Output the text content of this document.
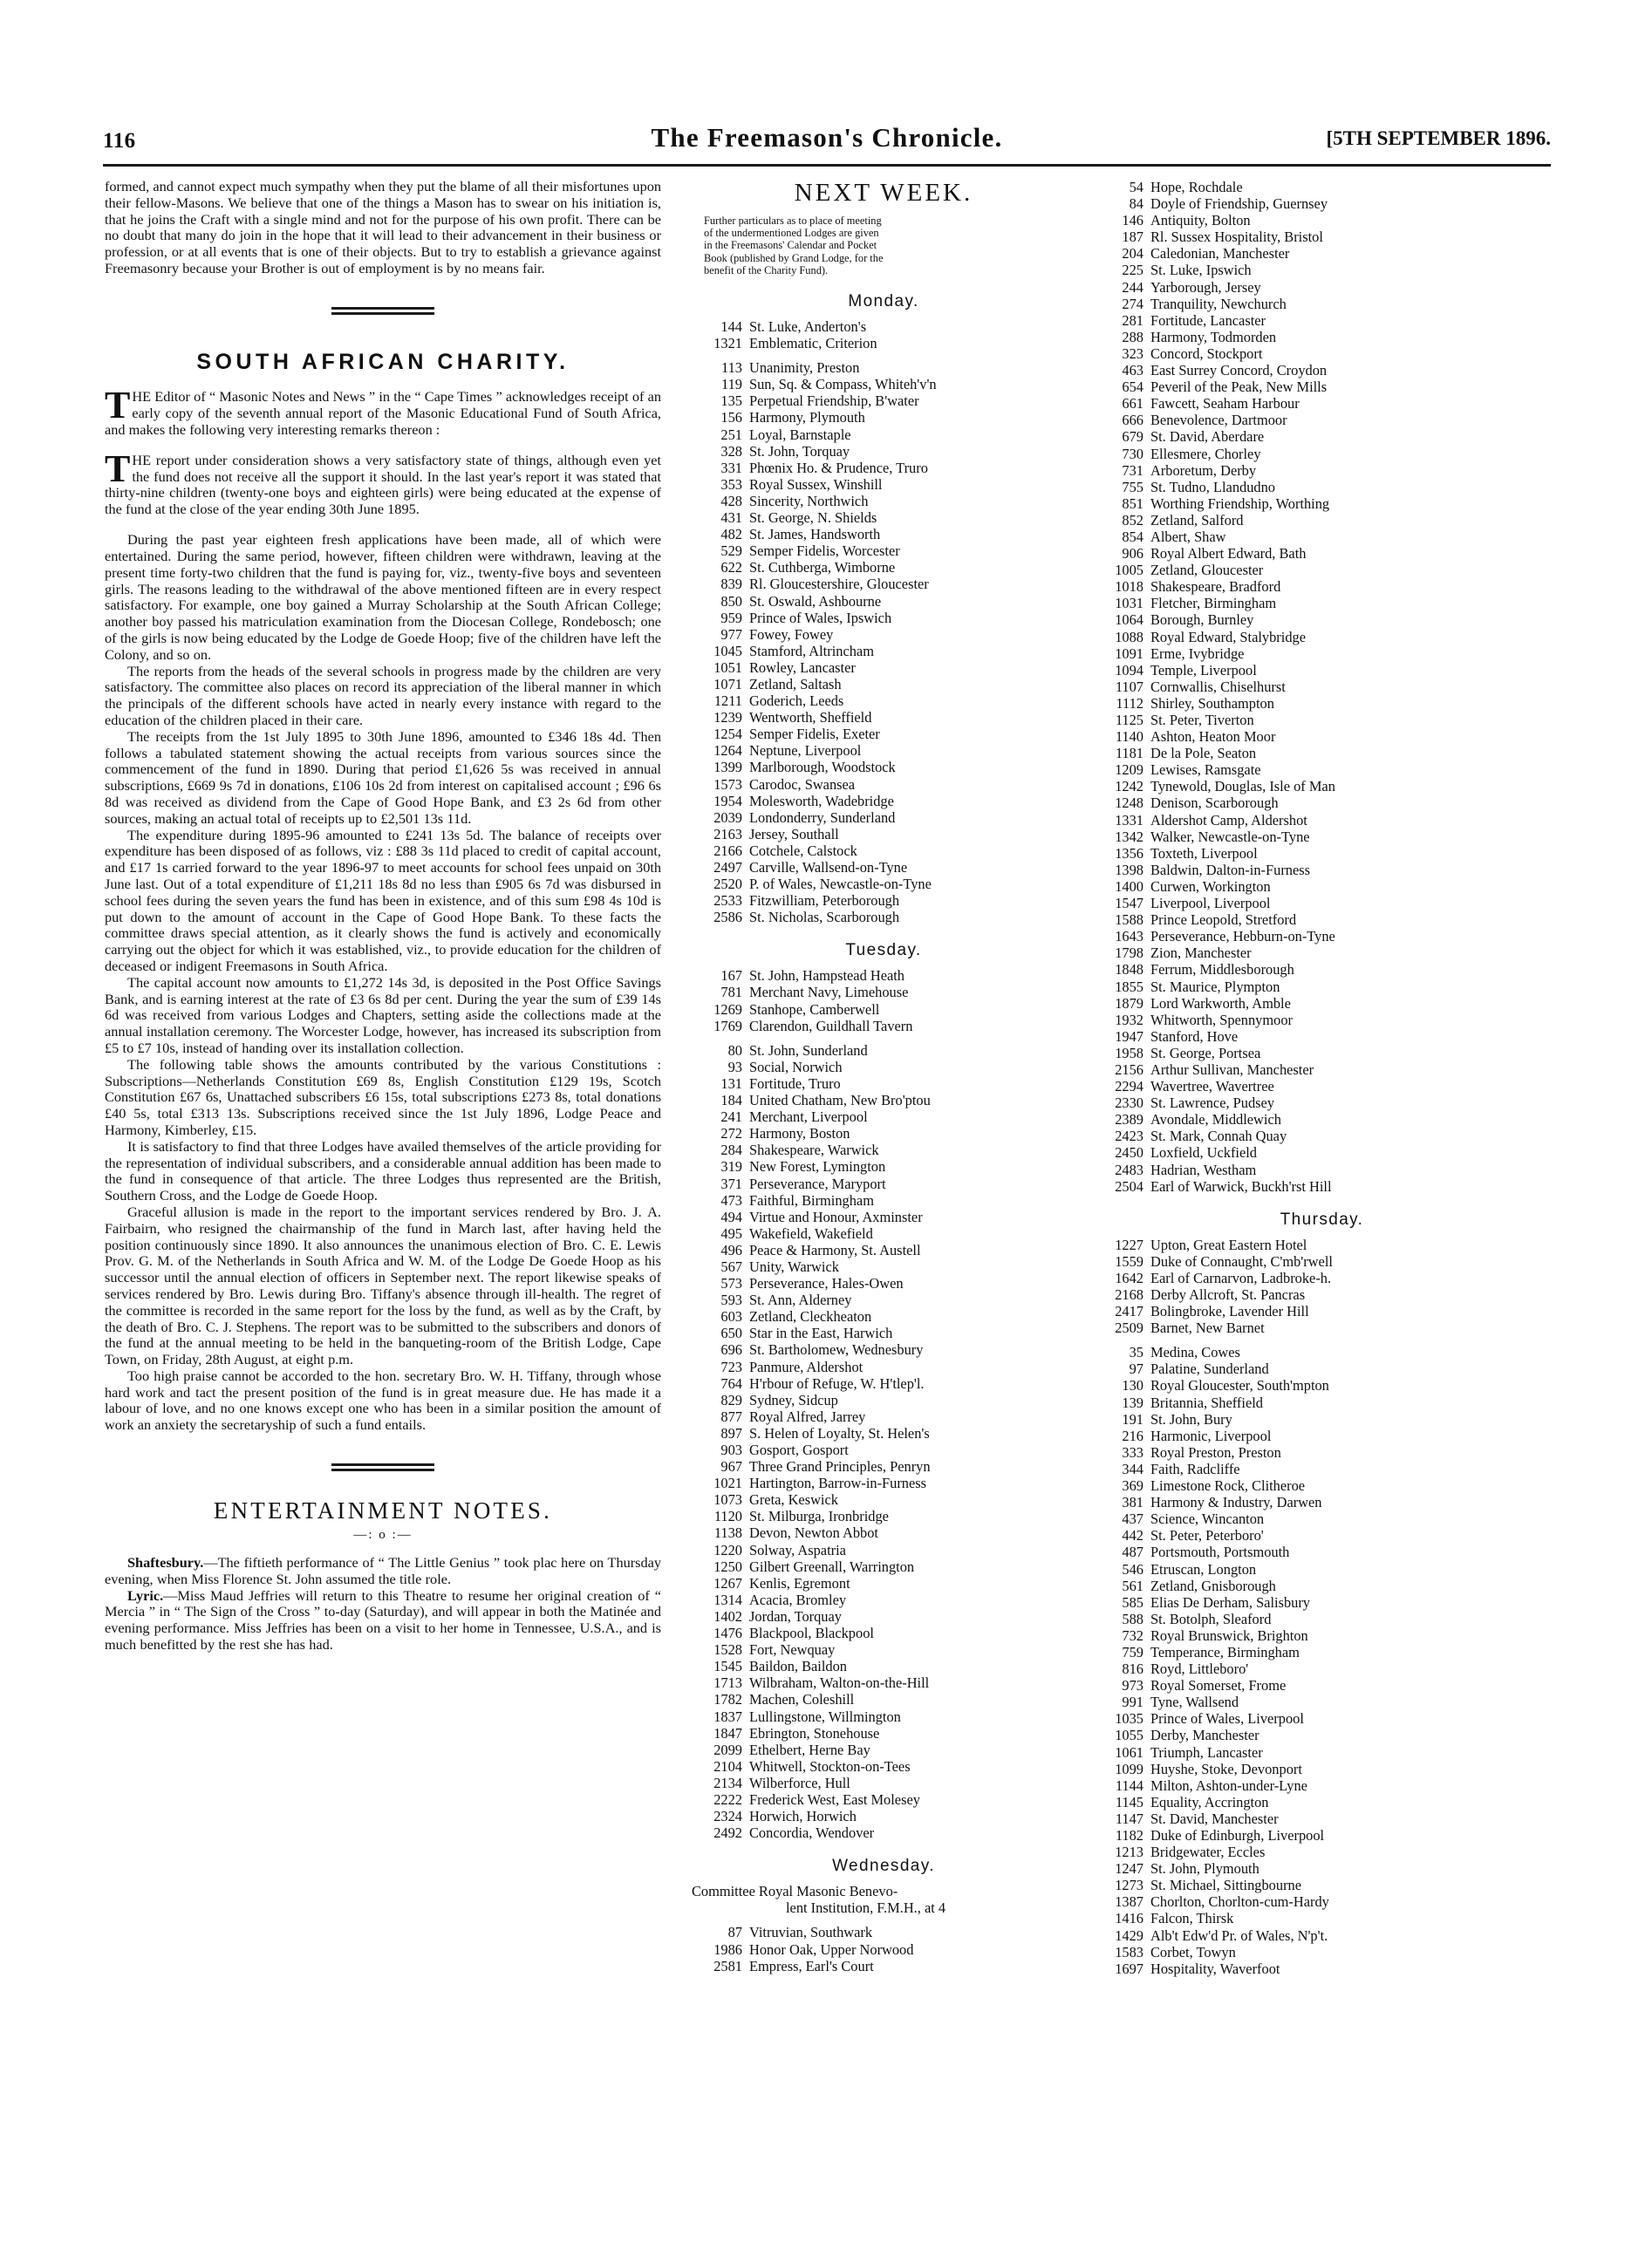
116	The Freemason's Chronicle.	[5TH SEPTEMBER 1896.

formed, and cannot expect much sympathy when they put the blame of all their misfortunes upon their fellow-Masons. We believe that one of the things a Mason has to swear on his initiation is, that he joins the Craft with a single mind and not for the purpose of his own profit. There can be no doubt that many do join in the hope that it will lead to their advancement in their business or profession, or at all events that is one of their objects. But to try to establish a grievance against Freemasonry because your Brother is out of employment is by no means fair.

SOUTH AFRICAN CHARITY.

THE Editor of “ Masonic Notes and News ” in the “ Cape Times ” acknowledges receipt of an early copy of the seventh annual report of the Masonic Educational Fund of South Africa, and makes the following very interesting remarks thereon :

THE report under consideration shows a very satisfactory state of things, although even yet the fund does not receive all the support it should. In the last year's report it was stated that thirty-nine children (twenty-one boys and eighteen girls) were being educated at the expense of the fund at the close of the year ending 30th June 1895.

During the past year eighteen fresh applications have been made, all of which were entertained. During the same period, however, fifteen children were withdrawn, leaving at the present time forty-two children that the fund is paying for, viz., twenty-five boys and seventeen girls. The reasons leading to the withdrawal of the above mentioned fifteen are in every respect satisfactory. For example, one boy gained a Murray Scholarship at the South African College; another boy passed his matriculation examination from the Diocesan College, Rondebosch; one of the girls is now being educated by the Lodge de Goede Hoop; five of the children have left the Colony, and so on.

The reports from the heads of the several schools in progress made by the children are very satisfactory. The committee also places on record its appreciation of the liberal manner in which the principals of the different schools have acted in nearly every instance with regard to the education of the children placed in their care.

The receipts from the 1st July 1895 to 30th June 1896, amounted to £346 18s 4d. Then follows a tabulated statement showing the actual receipts from various sources since the commencement of the fund in 1890. During that period £1,626 5s was received in annual subscriptions, £669 9s 7d in donations, £106 10s 2d from interest on capitalised account ; £96 6s 8d was received as dividend from the Cape of Good Hope Bank, and £3 2s 6d from other sources, making an actual total of receipts up to £2,501 13s 11d.

The expenditure during 1895-96 amounted to £241 13s 5d. The balance of receipts over expenditure has been disposed of as follows, viz : £88 3s 11d placed to credit of capital account, and £17 1s carried forward to the year 1896-97 to meet accounts for school fees unpaid on 30th June last. Out of a total expenditure of £1,211 18s 8d no less than £905 6s 7d was disbursed in school fees during the seven years the fund has been in existence, and of this sum £98 4s 10d is put down to the amount of account in the Cape of Good Hope Bank. To these facts the committee draws special attention, as it clearly shows the fund is actively and economically carrying out the object for which it was established, viz., to provide education for the children of deceased or indigent Freemasons in South Africa.

The capital account now amounts to £1,272 14s 3d, is deposited in the Post Office Savings Bank, and is earning interest at the rate of £3 6s 8d per cent. During the year the sum of £39 14s 6d was received from various Lodges and Chapters, setting aside the collections made at the annual installation ceremony. The Worcester Lodge, however, has increased its subscription from £5 to £7 10s, instead of handing over its installation collection.

The following table shows the amounts contributed by the various Constitutions : Subscriptions—Netherlands Constitution £69 8s, English Constitution £129 19s, Scotch Constitution £67 6s, Unattached subscribers £6 15s, total subscriptions £273 8s, total donations £40 5s, total £313 13s. Subscriptions received since the 1st July 1896, Lodge Peace and Harmony, Kimberley, £15.

It is satisfactory to find that three Lodges have availed themselves of the article providing for the representation of individual subscribers, and a considerable annual addition has been made to the fund in consequence of that article. The three Lodges thus represented are the British, Southern Cross, and the Lodge de Goede Hoop.

Graceful allusion is made in the report to the important services rendered by Bro. J. A. Fairbairn, who resigned the chairmanship of the fund in March last, after having held the position continuously since 1890. It also announces the unanimous election of Bro. C. E. Lewis Prov. G. M. of the Netherlands in South Africa and W. M. of the Lodge De Goede Hoop as his successor until the annual election of officers in September next. The report likewise speaks of services rendered by Bro. Lewis during Bro. Tiffany's absence through ill-health. The regret of the committee is recorded in the same report for the loss by the fund, as well as by the Craft, by the death of Bro. C. J. Stephens. The report was to be submitted to the subscribers and donors of the fund at the annual meeting to be held in the banqueting-room of the British Lodge, Cape Town, on Friday, 28th August, at eight p.m.

Too high praise cannot be accorded to the hon. secretary Bro. W. H. Tiffany, through whose hard work and tact the present position of the fund is in great measure due. He has made it a labour of love, and no one knows except one who has been in a similar position the amount of work an anxiety the secretaryship of such a fund entails.

ENTERTAINMENT NOTES.
—: o :—

Shaftesbury.—The fiftieth performance of “ The Little Genius ” took plac here on Thursday evening, when Miss Florence St. John assumed the title role.

Lyric.—Miss Maud Jeffries will return to this Theatre to resume her original creation of “ Mercia ” in “ The Sign of the Cross ” to-day (Saturday), and will appear in both the Matinée and evening performance. Miss Jeffries has been on a visit to her home in Tennessee, U.S.A., and is much benefitted by the rest she has had.

NEXT WEEK.
Further particulars as to place of meeting
of the undermentioned Lodges are given
in the Freemasons' Calendar and Pocket
Book (published by Grand Lodge, for the
benefit of the Charity Fund).
Monday.
144 St. Luke, Anderton's
1321 Emblematic, Criterion
113 Unanimity, Preston
119 Sun, Sq. & Compass, Whiteh'v'n
135 Perpetual Friendship, B'water
156 Harmony, Plymouth
251 Loyal, Barnstaple
328 St. John, Torquay
331 Phœnix Ho. & Prudence, Truro
353 Royal Sussex, Winshill
428 Sincerity, Northwich
431 St. George, N. Shields
482 St. James, Handsworth
529 Semper Fidelis, Worcester
622 St. Cuthberga, Wimborne
839 Rl. Gloucestershire, Gloucester
850 St. Oswald, Ashbourne
959 Prince of Wales, Ipswich
977 Fowey, Fowey
1045 Stamford, Altrincham
1051 Rowley, Lancaster
1071 Zetland, Saltash
1211 Goderich, Leeds
1239 Wentworth, Sheffield
1254 Semper Fidelis, Exeter
1264 Neptune, Liverpool
1399 Marlborough, Woodstock
1573 Carodoc, Swansea
1954 Molesworth, Wadebridge
2039 Londonderry, Sunderland
2163 Jersey, Southall
2166 Cotchele, Calstock
2497 Carville, Wallsend-on-Tyne
2520 P. of Wales, Newcastle-on-Tyne
2533 Fitzwilliam, Peterborough
2586 St. Nicholas, Scarborough
Tuesday.
167 St. John, Hampstead Heath
781 Merchant Navy, Limehouse
1269 Stanhope, Camberwell
1769 Clarendon, Guildhall Tavern
80 St. John, Sunderland
93 Social, Norwich
131 Fortitude, Truro
184 United Chatham, New Bro'ptou
241 Merchant, Liverpool
272 Harmony, Boston
284 Shakespeare, Warwick
319 New Forest, Lymington
371 Perseverance, Maryport
473 Faithful, Birmingham
494 Virtue and Honour, Axminster
495 Wakefield, Wakefield
496 Peace & Harmony, St. Austell
567 Unity, Warwick
573 Perseverance, Hales-Owen
593 St. Ann, Alderney
603 Zetland, Cleckheaton
650 Star in the East, Harwich
696 St. Bartholomew, Wednesbury
723 Panmure, Aldershot
764 H'rbour of Refuge, W. H'tlep'l.
829 Sydney, Sidcup
877 Royal Alfred, Jarrey
897 S. Helen of Loyalty, St. Helen's
903 Gosport, Gosport
967 Three Grand Principles, Penryn
1021 Hartington, Barrow-in-Furness
1073 Greta, Keswick
1120 St. Milburga, Ironbridge
1138 Devon, Newton Abbot
1220 Solway, Aspatria
1250 Gilbert Greenall, Warrington
1267 Kenlis, Egremont
1314 Acacia, Bromley
1402 Jordan, Torquay
1476 Blackpool, Blackpool
1528 Fort, Newquay
1545 Baildon, Baildon
1713 Wilbraham, Walton-on-the-Hill
1782 Machen, Coleshill
1837 Lullingstone, Willmington
1847 Ebrington, Stonehouse
2099 Ethelbert, Herne Bay
2104 Whitwell, Stockton-on-Tees
2134 Wilberforce, Hull
2222 Frederick West, East Molesey
2324 Horwich, Horwich
2492 Concordia, Wendover
Wednesday.
Committee Royal Masonic Benevo-
lent Institution, F.M.H., at 4
87 Vitruvian, Southwark
1986 Honor Oak, Upper Norwood
2581 Empress, Earl's Court
54 Hope, Rochdale
84 Doyle of Friendship, Guernsey
146 Antiquity, Bolton
187 Rl. Sussex Hospitality, Bristol
204 Caledonian, Manchester
225 St. Luke, Ipswich
244 Yarborough, Jersey
274 Tranquility, Newchurch
281 Fortitude, Lancaster
288 Harmony, Todmorden
323 Concord, Stockport
463 East Surrey Concord, Croydon
654 Peveril of the Peak, New Mills
661 Fawcett, Seaham Harbour
666 Benevolence, Dartmoor
679 St. David, Aberdare
730 Ellesmere, Chorley
731 Arboretum, Derby
755 St. Tudno, Llandudno
851 Worthing Friendship, Worthing
852 Zetland, Salford
854 Albert, Shaw
906 Royal Albert Edward, Bath
1005 Zetland, Gloucester
1018 Shakespeare, Bradford
1031 Fletcher, Birmingham
1064 Borough, Burnley
1088 Royal Edward, Stalybridge
1091 Erme, Ivybridge
1094 Temple, Liverpool
1107 Cornwallis, Chiselhurst
1112 Shirley, Southampton
1125 St. Peter, Tiverton
1140 Ashton, Heaton Moor
1181 De la Pole, Seaton
1209 Lewises, Ramsgate
1242 Tynewold, Douglas, Isle of Man
1248 Denison, Scarborough
1331 Aldershot Camp, Aldershot
1342 Walker, Newcastle-on-Tyne
1356 Toxteth, Liverpool
1398 Baldwin, Dalton-in-Furness
1400 Curwen, Workington
1547 Liverpool, Liverpool
1588 Prince Leopold, Stretford
1643 Perseverance, Hebburn-on-Tyne
1798 Zion, Manchester
1848 Ferrum, Middlesborough
1855 St. Maurice, Plympton
1879 Lord Warkworth, Amble
1932 Whitworth, Spennymoor
1947 Stanford, Hove
1958 St. George, Portsea
2156 Arthur Sullivan, Manchester
2294 Wavertree, Wavertree
2330 St. Lawrence, Pudsey
2389 Avondale, Middlewich
2423 St. Mark, Connah Quay
2450 Loxfield, Uckfield
2483 Hadrian, Westham
2504 Earl of Warwick, Buckh'rst Hill
Thursday.
1227 Upton, Great Eastern Hotel
1559 Duke of Connaught, C'mb'rwell
1642 Earl of Carnarvon, Ladbroke-h.
2168 Derby Allcroft, St. Pancras
2417 Bolingbroke, Lavender Hill
2509 Barnet, New Barnet
35 Medina, Cowes
97 Palatine, Sunderland
130 Royal Gloucester, South'mpton
139 Britannia, Sheffield
191 St. John, Bury
216 Harmonic, Liverpool
333 Royal Preston, Preston
344 Faith, Radcliffe
369 Limestone Rock, Clitheroe
381 Harmony & Industry, Darwen
437 Science, Wincanton
442 St. Peter, Peterboro'
487 Portsmouth, Portsmouth
546 Etruscan, Longton
561 Zetland, Gnisborough
585 Elias De Derham, Salisbury
588 St. Botolph, Sleaford
732 Royal Brunswick, Brighton
759 Temperance, Birmingham
816 Royd, Littleboro'
973 Royal Somerset, Frome
991 Tyne, Wallsend
1035 Prince of Wales, Liverpool
1055 Derby, Manchester
1061 Triumph, Lancaster
1099 Huyshe, Stoke, Devonport
1144 Milton, Ashton-under-Lyne
1145 Equality, Accrington
1147 St. David, Manchester
1182 Duke of Edinburgh, Liverpool
1213 Bridgewater, Eccles
1247 St. John, Plymouth
1273 St. Michael, Sittingbourne
1387 Chorlton, Chorlton-cum-Hardy
1416 Falcon, Thirsk
1429 Alb't Edw'd Pr. of Wales, N'p't.
1583 Corbet, Towyn
1697 Hospitality, Waverfoot
